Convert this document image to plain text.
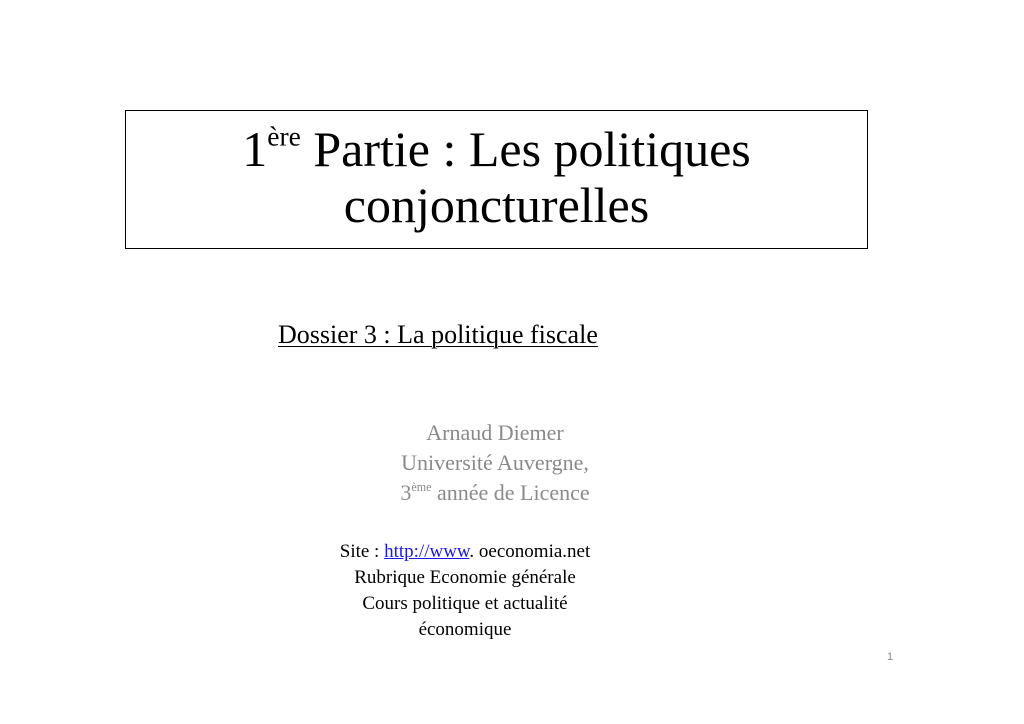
1ère Partie : Les politiques
conjoncturelles
Dossier 3 : La politique fiscale
Arnaud Diemer
Université Auvergne,
3ème année de Licence
Site : http://www. oeconomia.net
Rubrique Economie générale
Cours politique et actualité
économique
1
